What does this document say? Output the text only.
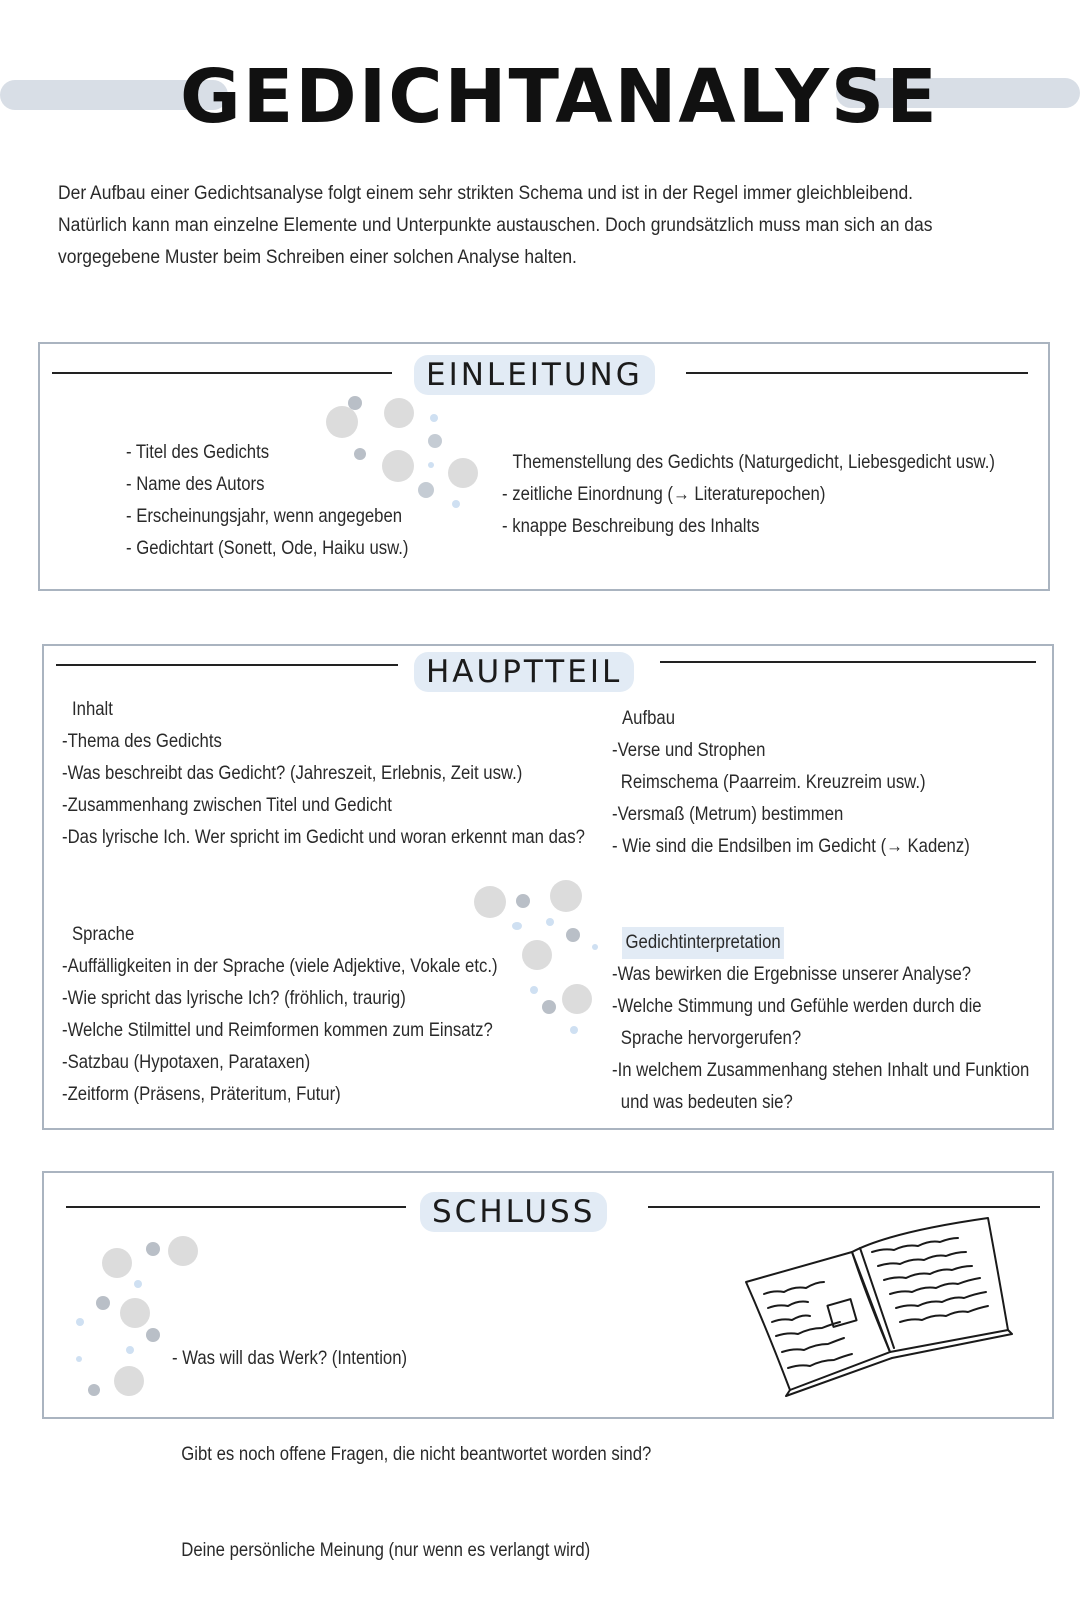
GEDICHTANALYSE
Der Aufbau einer Gedichtsanalyse folgt einem sehr strikten Schema und ist in der Regel immer gleichbleibend. Natürlich kann man einzelne Elemente und Unterpunkte austauschen. Doch grundsätzlich muss man sich an das vorgegebene Muster beim Schreiben einer solchen Analyse halten.
EINLEITUNG
- Titel des Gedichts
- Name des Autors
- Erscheinungsjahr, wenn angegeben
- Gedichtart (Sonett, Ode, Haiku usw.)
Themenstellung des Gedichts (Naturgedicht, Liebesgedicht usw.)
- zeitliche Einordnung (→ Literaturepochen)
- knappe Beschreibung des Inhalts
HAUPTTEIL
Inhalt
-Thema des Gedichts
-Was beschreibt das Gedicht? (Jahreszeit, Erlebnis, Zeit usw.)
-Zusammenhang zwischen Titel und Gedicht
-Das lyrische Ich. Wer spricht im Gedicht und woran erkennt man das?
Aufbau
-Verse und Strophen
Reimschema (Paarreim. Kreuzreim usw.)
-Versmaß (Metrum) bestimmen
- Wie sind die Endsilben im Gedicht (→ Kadenz)
Sprache
-Auffälligkeiten in der Sprache (viele Adjektive, Vokale etc.)
-Wie spricht das lyrische Ich? (fröhlich, traurig)
-Welche Stilmittel und Reimformen kommen zum Einsatz?
-Satzbau (Hypotaxen, Parataxen)
-Zeitform (Präsens, Präteritum, Futur)
Gedichtinterpretation
-Was bewirken die Ergebnisse unserer Analyse?
-Welche Stimmung und Gefühle werden durch die
Sprache hervorgerufen?
-In welchem Zusammenhang stehen Inhalt und Funktion
und was bedeuten sie?
SCHLUSS

- Was will das Werk? (Intention)

Gibt es noch offene Fragen, die nicht beantwortet worden sind?

Deine persönliche Meinung (nur wenn es verlangt wird)
